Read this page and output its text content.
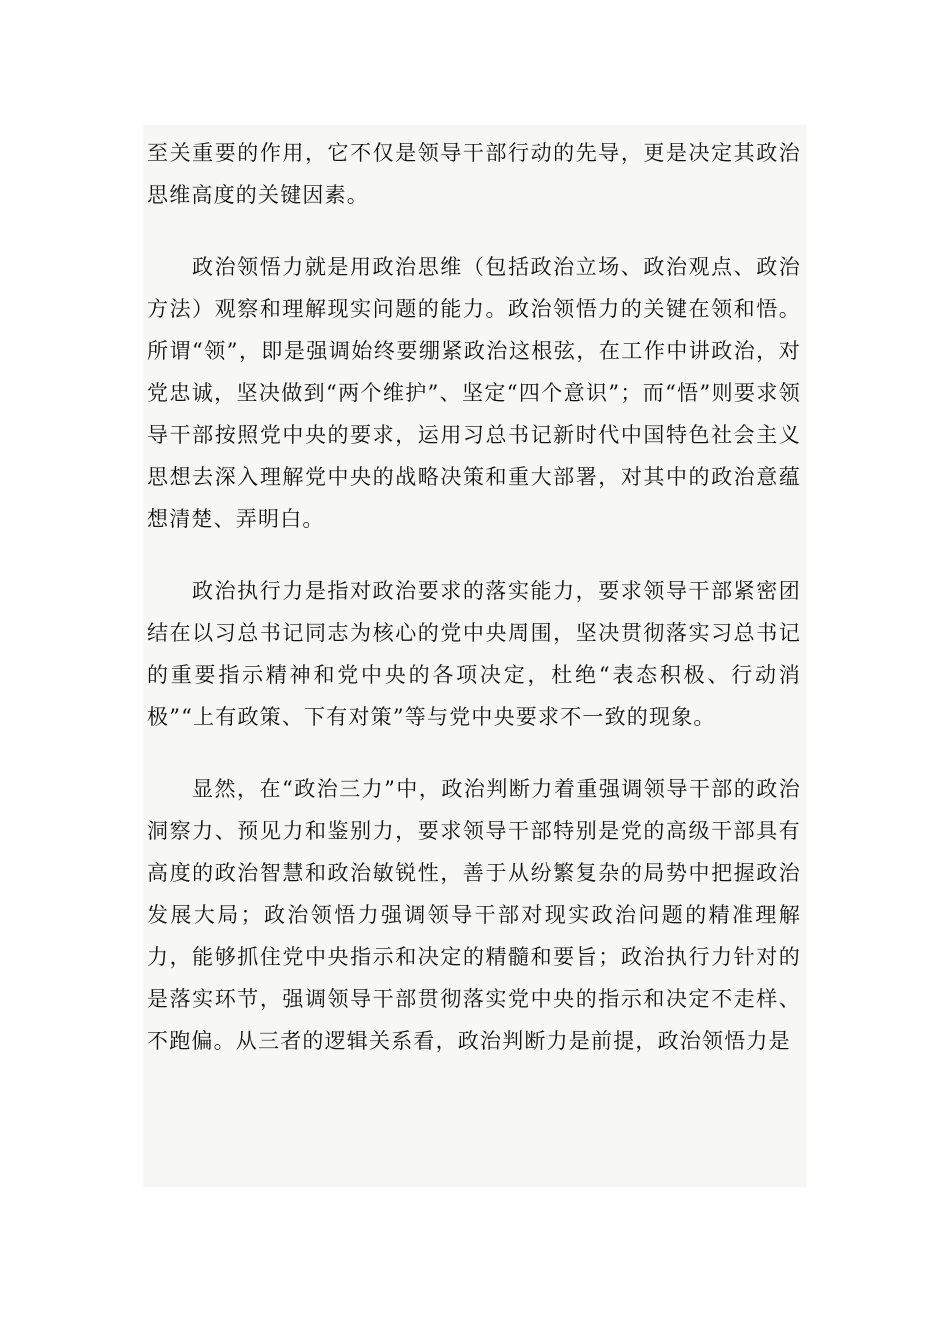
至关重要的作用，它不仅是领导干部行动的先导，更是决定其政治思维高度的关键因素。

政治领悟力就是用政治思维（包括政治立场、政治观点、政治方法）观察和理解现实问题的能力。政治领悟力的关键在领和悟。所谓“领”，即是强调始终要绷紧政治这根弦，在工作中讲政治，对党忠诚，坚决做到“两个维护”、坚定“四个意识”；而“悟”则要求领导干部按照党中央的要求，运用习总书记新时代中国特色社会主义思想去深入理解党中央的战略决策和重大部署，对其中的政治意蕴想清楚、弄明白。

政治执行力是指对政治要求的落实能力，要求领导干部紧密团结在以习总书记同志为核心的党中央周围，坚决贯彻落实习总书记的重要指示精神和党中央的各项决定，杜绝“表态积极、行动消极”“上有政策、下有对策”等与党中央要求不一致的现象。

显然，在“政治三力”中，政治判断力着重强调领导干部的政治洞察力、预见力和鉴别力，要求领导干部特别是党的高级干部具有高度的政治智慧和政治敏锐性，善于从纷繁复杂的局势中把握政治发展大局；政治领悟力强调领导干部对现实政治问题的精准理解力，能够抓住党中央指示和决定的精髓和要旨；政治执行力针对的是落实环节，强调领导干部贯彻落实党中央的指示和决定不走样、不跑偏。从三者的逻辑关系看，政治判断力是前提，政治领悟力是
